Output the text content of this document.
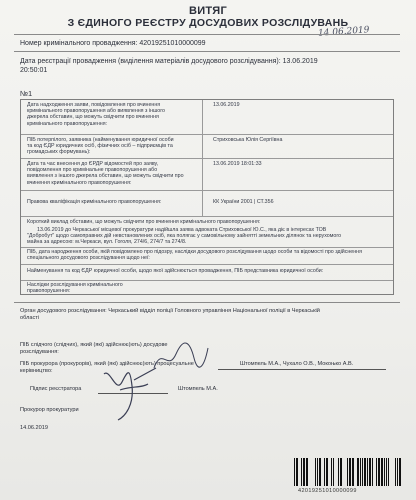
ВИТЯГ
З ЄДИНОГО РЕЄСТРУ ДОСУДОВИХ РОЗСЛІДУВАНЬ
14.06.2019
Номер кримінального провадження: 42019251010000099
Дата реєстрації провадження (виділення матеріалів досудового розслідування): 13.06.2019
20:50:01
№1
Дата надходження заяви, повідомлення про вчинення
кримінального правопорушення або виявлення з іншого
джерела обставин, що можуть свідчити про вчинення
кримінального правопорушення:
13.06.2019
ПІБ потерпілого, заявника (найменування юридичної особи
та код ЄДР юридичних осіб, фізичних осіб – підприємців та
громадських формувань):
Стриховська Юлія Сергіївна
Дата та час внесення до ЄРДР відомостей про заяву,
повідомлення про кримінальне правопорушення або
виявлення з іншого джерела обставин, що можуть свідчити про
вчинення кримінального правопорушення:
13.06.2019 18:01:33
Правова кваліфікація кримінального правопорушення:	КК України 2001 | СТ.356
Короткий виклад обставин, що можуть свідчити про вчинення кримінального правопорушення:
13.06.2019 до Черкаської місцевої прокуратури надійшла заява адвоката Стриховської Ю.С., яка діє в інтересах ТОВ
"Добробут" щодо самоправних дій невстановлених осіб, яка полягає у самовільному зайнятті земельних ділянок та нерухомого
майна за адресою: м.Черкаси, вул. Гоголя, 274/6, 274/7 та 274/8.
ПІБ, дата народження особи, якій повідомлено про підозру, наслідки досудового розслідування щодо особи та відомості про здійснення
спеціального досудового розслідування щодо неї:
Найменування та код ЄДР юридичної особи, щодо якої здійснюється провадження, ПІБ представника юридичної особи:
Наслідки розслідування кримінального
правопорушення:
Орган досудового розслідування: Черкаський відділ поліції Головного управління Національної поліції в Черкаській
області
ПІБ слідчого (слідчих), який (які) здійснює(ють) досудове
розслідування:
ПІБ прокурора (прокурорів), який (які) здійснює(ють) процесуальне
керівництво:
Штомпель М.А., Чухало О.В., Мокоњко А.В.
Підпис реєстратора	Штомпель М.А.
Прокурор прокуратури
14.06.2019
42019251010000099
